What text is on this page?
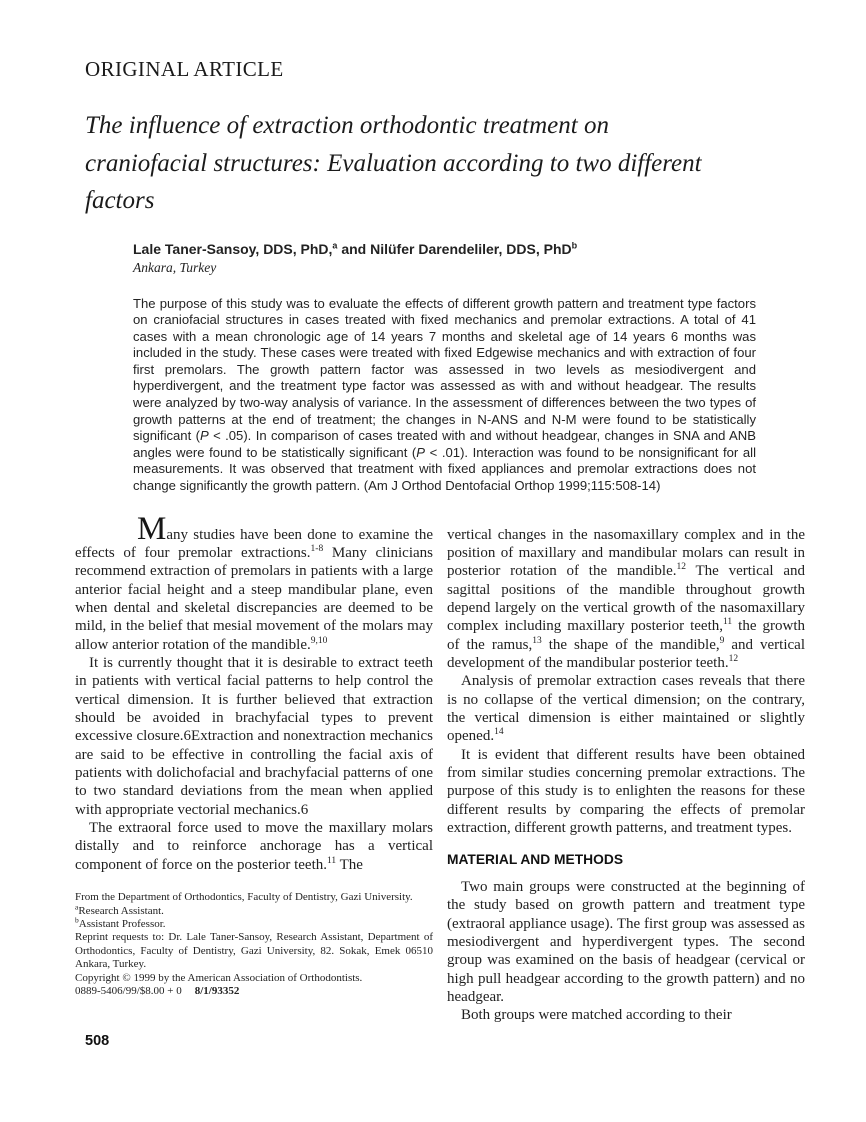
ORIGINAL ARTICLE
The influence of extraction orthodontic treatment on
craniofacial structures: Evaluation according to two different
factors
Lale Taner-Sansoy, DDS, PhD,$^a$ and Nilüfer Darendeliler, DDS, PhD$^b$
Ankara, Turkey
The purpose of this study was to evaluate the effects of different growth pattern and treatment type factors on craniofacial structures in cases treated with fixed mechanics and premolar extractions. A total of 41 cases with a mean chronologic age of 14 years 7 months and skeletal age of 14 years 6 months was included in the study. These cases were treated with fixed Edgewise mechanics and with extraction of four first premolars. The growth pattern factor was assessed in two levels as mesiodivergent and hyperdivergent, and the treatment type factor was assessed as with and without headgear. The results were analyzed by two-way analysis of variance. In the assessment of differences between the two types of growth patterns at the end of treatment; the changes in N-ANS and N-M were found to be statistically significant (P < .05). In comparison of cases treated with and without headgear, changes in SNA and ANB angles were found to be statistically significant (P < .01). Interaction was found to be nonsignificant for all measurements. It was observed that treatment with fixed appliances and premolar extractions does not change significantly the growth pattern. (Am J Orthod Dentofacial Orthop 1999;115:508-14)

Many studies have been done to examine the effects of four premolar extractions.$^{1-8}$ Many clinicians recommend extraction of premolars in patients with a large anterior facial height and a steep mandibular plane, even when dental and skeletal discrepancies are deemed to be mild, in the belief that mesial movement of the molars may allow anterior rotation of the mandible.$^{9,10}$

It is currently thought that it is desirable to extract teeth in patients with vertical facial patterns to help control the vertical dimension. It is further believed that extraction should be avoided in brachyfacial types to prevent excessive closure.6Extraction and nonextraction mechanics are said to be effective in controlling the facial axis of patients with dolichofacial and brachyfacial patterns of one to two standard deviations from the mean when applied with appropriate vectorial mechanics.6

The extraoral force used to move the maxillary molars distally and to reinforce anchorage has a vertical component of force on the posterior teeth.$^{11}$ The

From the Department of Orthodontics, Faculty of Dentistry, Gazi University.
$^a$Research Assistant.
$^b$Assistant Professor.
Reprint requests to: Dr. Lale Taner-Sansoy, Research Assistant, Department of Orthodontics, Faculty of Dentistry, Gazi University, 82. Sokak, Emek 06510 Ankara, Turkey.
Copyright © 1999 by the American Association of Orthodontists.
0889-5406/99/$8.00 + 0 8/1/93352

vertical changes in the nasomaxillary complex and in the position of maxillary and mandibular molars can result in posterior rotation of the mandible.$^{12}$ The vertical and sagittal positions of the mandible throughout growth depend largely on the vertical growth of the nasomaxillary complex including maxillary posterior teeth,$^{11}$ the growth of the ramus,$^{13}$ the shape of the mandible,$^9$ and vertical development of the mandibular posterior teeth.$^{12}$

Analysis of premolar extraction cases reveals that there is no collapse of the vertical dimension; on the contrary, the vertical dimension is either maintained or slightly opened.$^{14}$

It is evident that different results have been obtained from similar studies concerning premolar extractions. The purpose of this study is to enlighten the reasons for these different results by comparing the effects of premolar extraction, different growth patterns, and treatment types.

MATERIAL AND METHODS

Two main groups were constructed at the beginning of the study based on growth pattern and treatment type (extraoral appliance usage). The first group was assessed as mesiodivergent and hyperdivergent types. The second group was examined on the basis of headgear (cervical or high pull headgear according to the growth pattern) and no headgear.

Both groups were matched according to their

508
